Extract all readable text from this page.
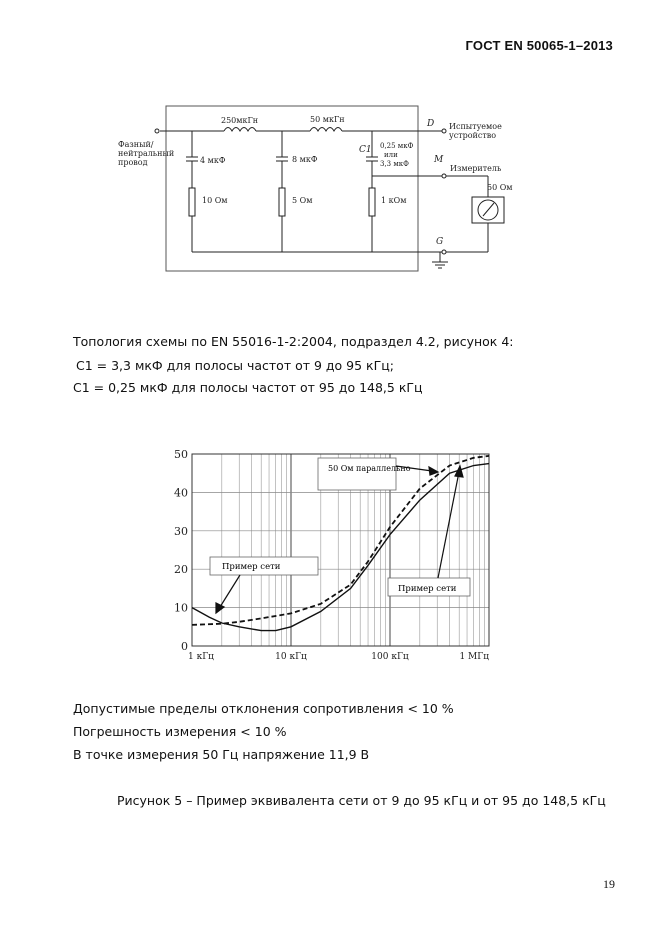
ГОСТ EN 50065-1–2013
Фазный/
нейтральный
провод
250мкГн	50 мкГн
4 мкФ
10 Ом
8 мкФ
5 Ом
C1 0,25 мкФ
или
3,3 мкФ
1 кОм
D Испытуемое
устройство
M
Измеритель
50 Ом
G
Топология схемы по EN 55016-1-2:2004, подраздел 4.2, рисунок 4:
C1 = 3,3 мкФ для полосы частот от 9 до 95 кГц;
C1 = 0,25 мкФ для полосы частот от 95 до 148,5 кГц
0
10
20
30
40
50
1 кГц	10 кГц	100 кГц	1 МГц
50 Ом параллельно
Пример сети
Пример сети
Допустимые пределы отклонения сопротивления < 10 %
Погрешность измерения < 10 %
В точке измерения 50 Гц напряжение 11,9 В
Рисунок 5 – Пример эквивалента сети от 9 до 95 кГц и от 95 до 148,5 кГц
19
